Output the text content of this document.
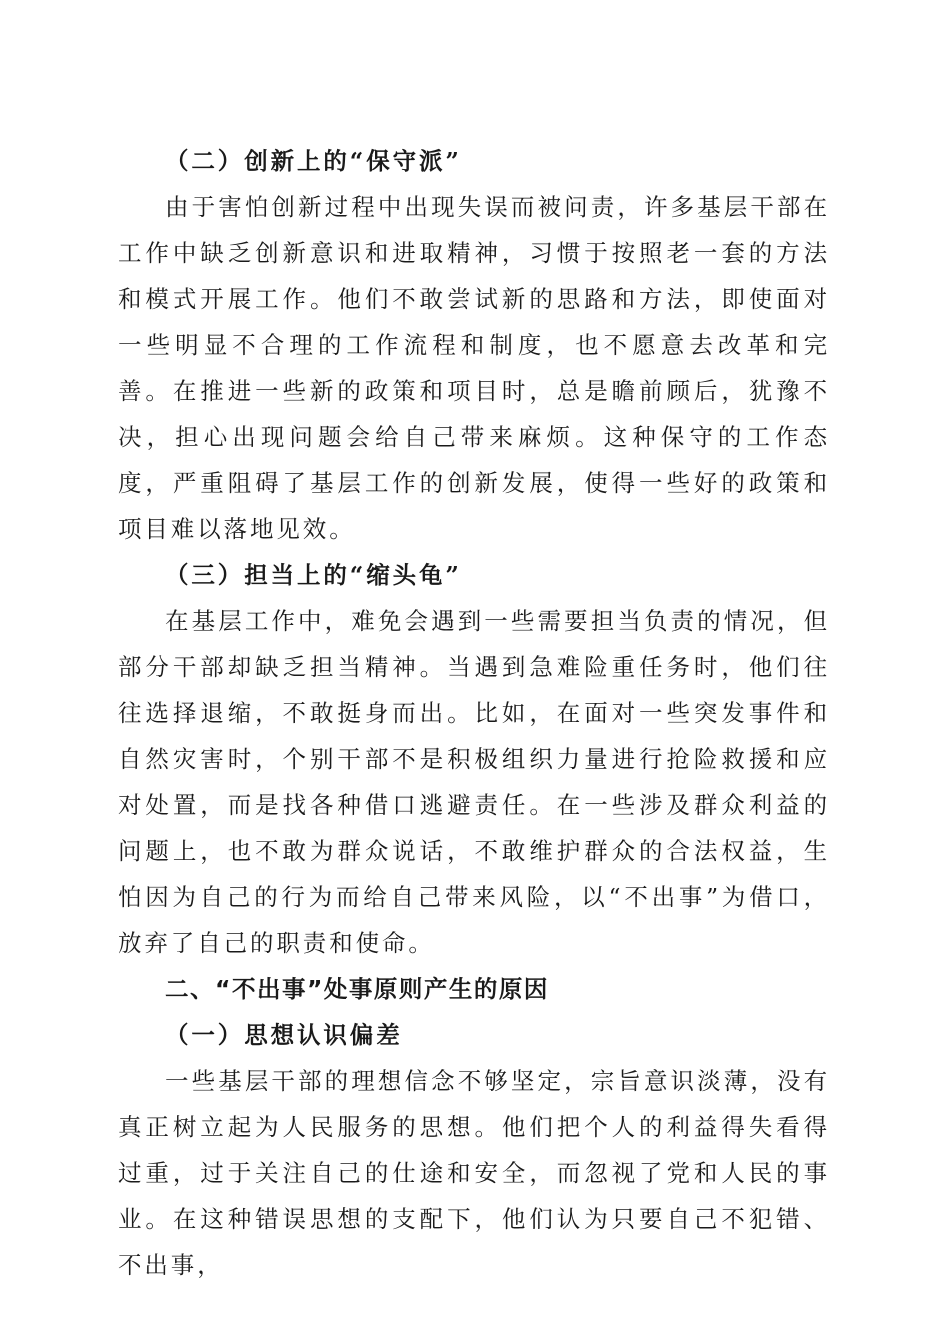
（二）创新上的“保守派”

由于害怕创新过程中出现失误而被问责，许多基层干部在工作中缺乏创新意识和进取精神，习惯于按照老一套的方法和模式开展工作。他们不敢尝试新的思路和方法，即使面对一些明显不合理的工作流程和制度，也不愿意去改革和完善。在推进一些新的政策和项目时，总是瞻前顾后，犹豫不决，担心出现问题会给自己带来麻烦。这种保守的工作态度，严重阻碍了基层工作的创新发展，使得一些好的政策和项目难以落地见效。

（三）担当上的“缩头龟”

在基层工作中，难免会遇到一些需要担当负责的情况，但部分干部却缺乏担当精神。当遇到急难险重任务时，他们往往选择退缩，不敢挺身而出。比如，在面对一些突发事件和自然灾害时，个别干部不是积极组织力量进行抢险救援和应对处置，而是找各种借口逃避责任。在一些涉及群众利益的问题上，也不敢为群众说话，不敢维护群众的合法权益，生怕因为自己的行为而给自己带来风险，以“不出事”为借口，放弃了自己的职责和使命。

二、“不出事”处事原则产生的原因

（一）思想认识偏差

一些基层干部的理想信念不够坚定，宗旨意识淡薄，没有真正树立起为人民服务的思想。他们把个人的利益得失看得过重，过于关注自己的仕途和安全，而忽视了党和人民的事业。在这种错误思想的支配下，他们认为只要自己不犯错、不出事，
